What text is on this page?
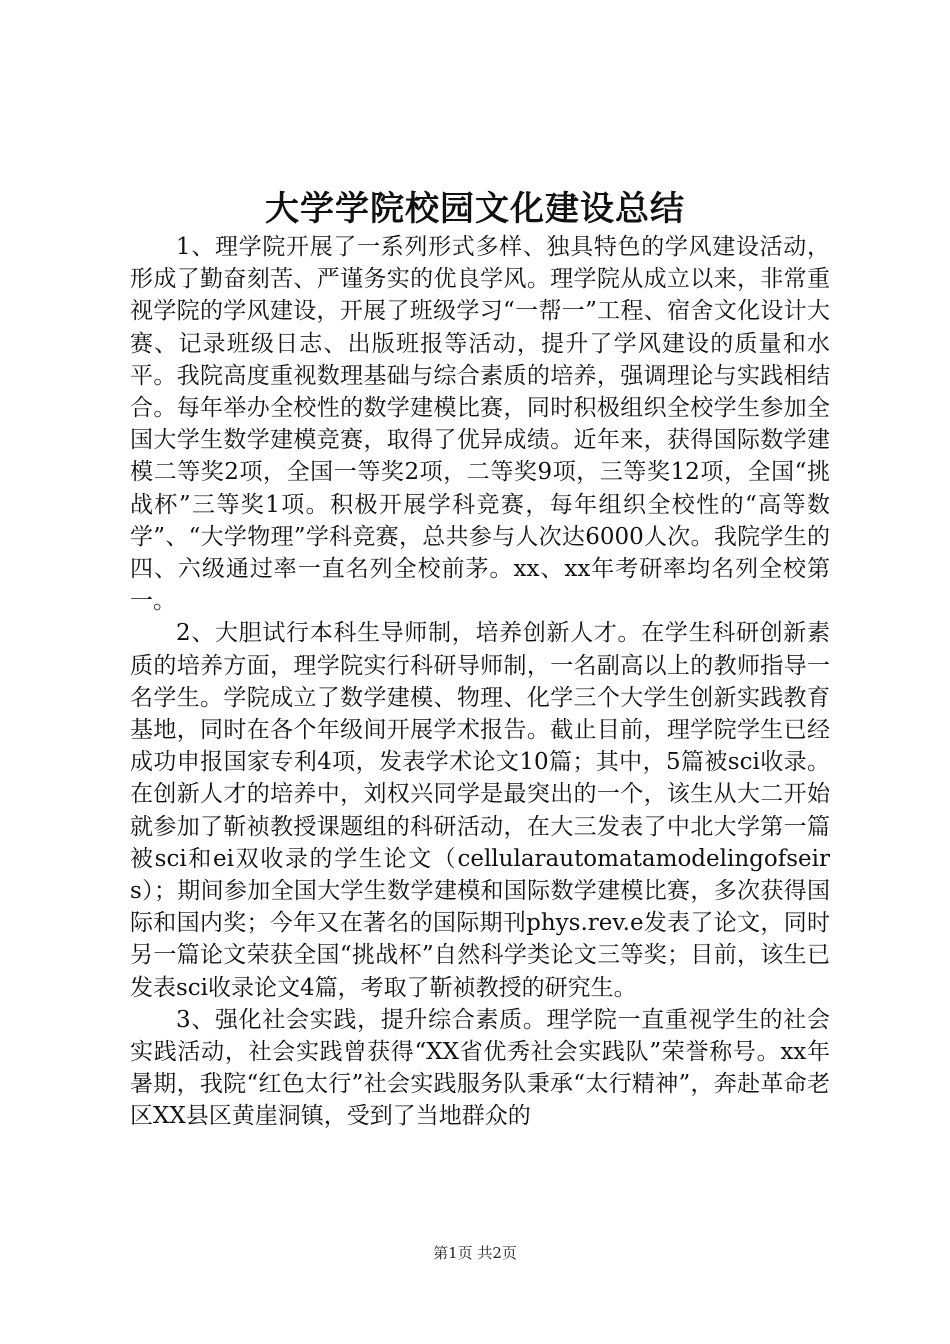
大学学院校园文化建设总结

1、理学院开展了一系列形式多样、独具特色的学风建设活动，形成了勤奋刻苦、严谨务实的优良学风。理学院从成立以来，非常重视学院的学风建设，开展了班级学习“一帮一”工程、宿舍文化设计大赛、记录班级日志、出版班报等活动，提升了学风建设的质量和水平。我院高度重视数理基础与综合素质的培养，强调理论与实践相结合。每年举办全校性的数学建模比赛，同时积极组织全校学生参加全国大学生数学建模竞赛，取得了优异成绩。近年来，获得国际数学建模二等奖2项，全国一等奖2项，二等奖9项，三等奖12项，全国“挑战杯”三等奖1项。积极开展学科竞赛，每年组织全校性的“高等数学”、“大学物理”学科竞赛，总共参与人次达6000人次。我院学生的四、六级通过率一直名列全校前茅。xx、xx年考研率均名列全校第一。

2、大胆试行本科生导师制，培养创新人才。在学生科研创新素质的培养方面，理学院实行科研导师制，一名副高以上的教师指导一名学生。学院成立了数学建模、物理、化学三个大学生创新实践教育基地，同时在各个年级间开展学术报告。截止目前，理学院学生已经成功申报国家专利4项，发表学术论文10篇；其中，5篇被sci收录。在创新人才的培养中，刘权兴同学是最突出的一个，该生从大二开始就参加了靳祯教授课题组的科研活动，在大三发表了中北大学第一篇被sci和ei双收录的学生论文（cellularautomatamodelingofseirs）；期间参加全国大学生数学建模和国际数学建模比赛，多次获得国际和国内奖；今年又在著名的国际期刊phys.rev.e发表了论文，同时另一篇论文荣获全国“挑战杯”自然科学类论文三等奖；目前，该生已发表sci收录论文4篇，考取了靳祯教授的研究生。

3、强化社会实践，提升综合素质。理学院一直重视学生的社会实践活动，社会实践曾获得“XX省优秀社会实践队”荣誉称号。xx年暑期，我院“红色太行”社会实践服务队秉承“太行精神”，奔赴革命老区XX县区黄崖洞镇，受到了当地群众的

第1页 共2页
